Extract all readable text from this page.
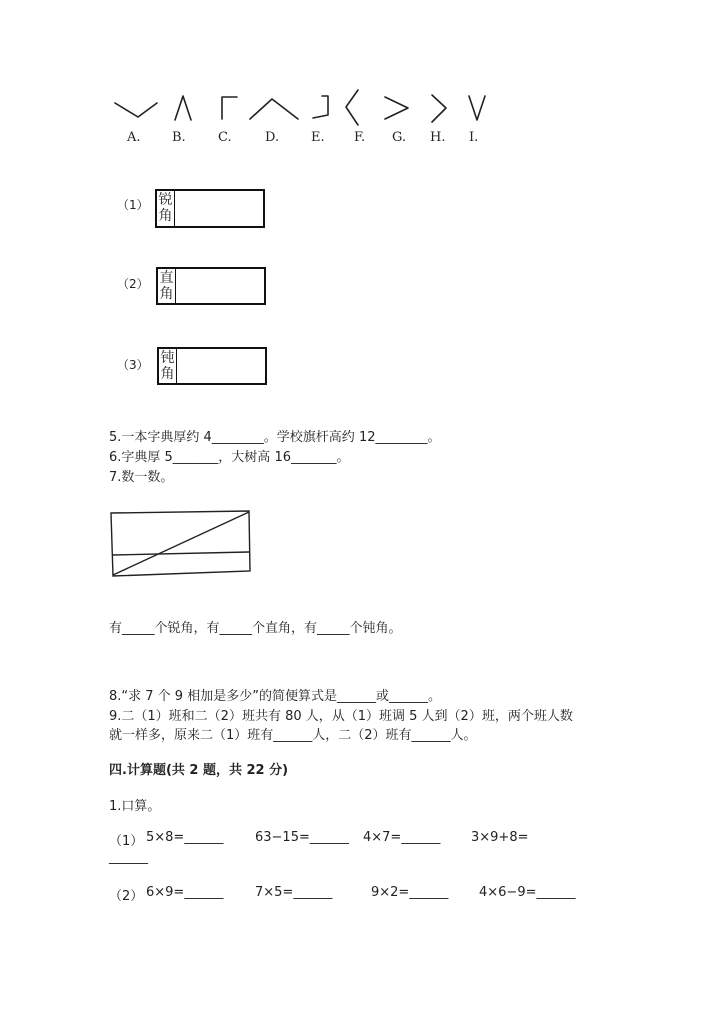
A. B. C.	D. E. F. G. H. I.
（1） 锐
角
（2） 直
角
（3） 钝
角
5.一本字典厚约 4________。学校旗杆高约 12________。
6.字典厚 5_______，大树高 16_______。
7.数一数。
有_____个锐角，有_____个直角，有_____个钝角。
8.“求 7 个 9 相加是多少”的简便算式是______或______。
9.二（1）班和二（2）班共有 80 人，从（1）班调 5 人到（2）班，两个班人数
就一样多，原来二（1）班有______人，二（2）班有______人。
四.计算题(共 2 题，共 22 分)
1.口算。
（1） 5×8=______ 63−15=______ 4×7=______ 3×9+8=
______
（2） 6×9=______ 7×5=______	9×2=______ 4×6−9=______
